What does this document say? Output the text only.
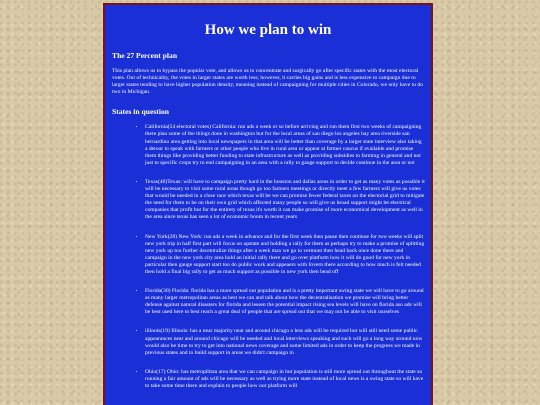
How we plan to win
The 27 Percent plan

This plan allows us to bypass the popular vote, and allows us to concentrate and surgically go after specific states with the most electoral votes. Out of technicality, the votes in larger states are worth less; however, it carries big gains and is less expensive to campaign due to larger states tending to have higher population density, meaning instead of campaigning for multiple cities in Colorado, we only have to do two in Michigan.

States in question
• California(54 electoral votes) California: run ads a week or so before arriving and run them first two weeks of campaigning there plan some of the things done in washington but for the local areas of san diego los angeles bay area riverside san bernardino area getting into local newspapers in that area will be better than coverage by a larger state interview also taking a detour to speak with farmers or other people who live in rural area or appear at farmer caucus if available and promise them things like providing better funding to state infrastructure as well as providing subsidies to farming in general and not just to specific crops try to end campaigning in an area with a rally to gauge support to decide continue in the area or not
• Texas(40)Texas: will have to campaign pretty hard in the houston and dallas areas in order to get as many votes as possible it will be necessary to visit some rural areas though go too farmers meetings or directly meet a few farmers will give us votes that would be needed in a close race which texas will be we can promise fewer federal taxes on the electorial grid to mitigate the need for them to be on their own grid which affected many people so will give us broad support might let electrical companies that profit but for the entirety of texas it's worth it can make promise of more economical development as well in the area since texas has seen a lot of economic boom in recent years
• New York(28) New York: run ads a week in advance and for the first week then pause then continue for two weeks will split new york trip in half first part will focus on upstate and holding a rally for them as perhaps try to make a promise of splitting new york up too further decentralize things after a week max we go to vermont then head back once done there and campaign in the new york city area hold an initial rally there and go over platform how it will do good for new york in particular then gauge support start too do public work and appeaers with fovern there according to how much is felt needed then hold a final big rally to get as much support as possible in new york then head off
• Florida(30) Florida: florida has a more spread out population and is a pretty important swing state we will have to go around as many larger metropolitan areas as best we can and talk about how the decentralisation we promise will bring better defense against natural disasters for florida and lessen the potential impact rising sea levels will have on florida aso ads will be best used here to best reach a great deal of people that are spread out that we may not be able to visit ourselves
• illinois(19) Illinois: has a near majority near and around chicago o less ads will be required but will still need some public appearances near and around chicago will be needed and local interviews speaking and such will go a long way around now would also be time to try to get into national news coverage and some limited ads in order to keep the progress we made in previous states and to build support in areas we didn't campaign in
• Ohio(17) Ohio: has metropilitan area that we can campaign in but population is still more spread out throughout the state so running a fair amount of ads will be necessary as well as trying more state instead of local news is a swing state so will have to take some time there and explain to people how our platform will
